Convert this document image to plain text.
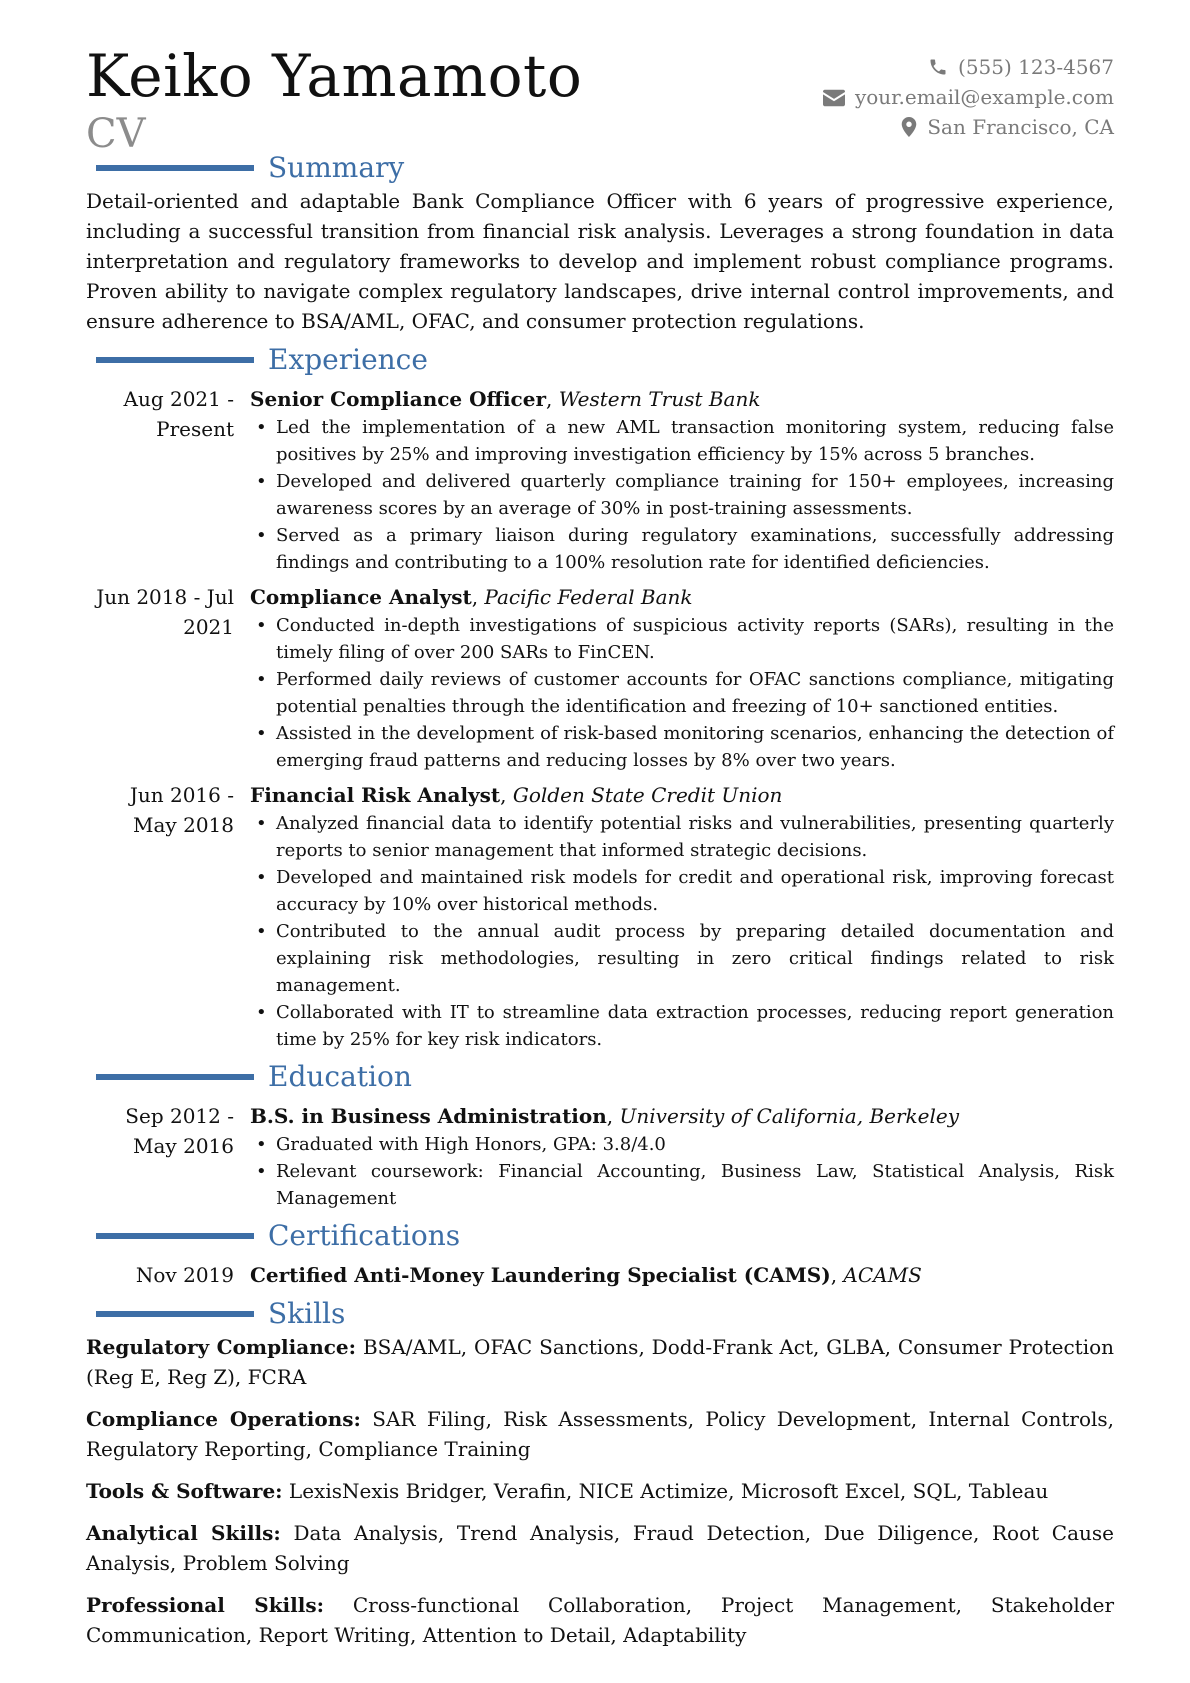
Keiko Yamamoto
CV
(555) 123-4567
your.email@example.com
San Francisco, CA
Summary
Detail-oriented and adaptable Bank Compliance Officer with 6 years of progressive experience, including a successful transition from financial risk analysis. Leverages a strong foundation in data interpretation and regulatory frameworks to develop and implement robust compliance programs. Proven ability to navigate complex regulatory landscapes, drive internal control improvements, and ensure adherence to BSA/AML, OFAC, and consumer protection regulations.
Experience
Aug 2021 - Present
Senior Compliance Officer, Western Trust Bank
• Led the implementation of a new AML transaction monitoring system, reducing false positives by 25% and improving investigation efficiency by 15% across 5 branches.
• Developed and delivered quarterly compliance training for 150+ employees, increasing awareness scores by an average of 30% in post-training assessments.
• Served as a primary liaison during regulatory examinations, successfully addressing findings and contributing to a 100% resolution rate for identified deficiencies.
Jun 2018 - Jul 2021
Compliance Analyst, Pacific Federal Bank
• Conducted in-depth investigations of suspicious activity reports (SARs), resulting in the timely filing of over 200 SARs to FinCEN.
• Performed daily reviews of customer accounts for OFAC sanctions compliance, mitigating potential penalties through the identification and freezing of 10+ sanctioned entities.
• Assisted in the development of risk-based monitoring scenarios, enhancing the detection of emerging fraud patterns and reducing losses by 8% over two years.
Jun 2016 - May 2018
Financial Risk Analyst, Golden State Credit Union
• Analyzed financial data to identify potential risks and vulnerabilities, presenting quarterly reports to senior management that informed strategic decisions.
• Developed and maintained risk models for credit and operational risk, improving forecast accuracy by 10% over historical methods.
• Contributed to the annual audit process by preparing detailed documentation and explaining risk methodologies, resulting in zero critical findings related to risk management.
• Collaborated with IT to streamline data extraction processes, reducing report generation time by 25% for key risk indicators.
Education
Sep 2012 - May 2016
B.S. in Business Administration, University of California, Berkeley
• Graduated with High Honors, GPA: 3.8/4.0
• Relevant coursework: Financial Accounting, Business Law, Statistical Analysis, Risk Management
Certifications
Nov 2019 Certified Anti-Money Laundering Specialist (CAMS), ACAMS
Skills
Regulatory Compliance: BSA/AML, OFAC Sanctions, Dodd-Frank Act, GLBA, Consumer Protection (Reg E, Reg Z), FCRA
Compliance Operations: SAR Filing, Risk Assessments, Policy Development, Internal Controls, Regulatory Reporting, Compliance Training
Tools & Software: LexisNexis Bridger, Verafin, NICE Actimize, Microsoft Excel, SQL, Tableau
Analytical Skills: Data Analysis, Trend Analysis, Fraud Detection, Due Diligence, Root Cause Analysis, Problem Solving
Professional Skills: Cross-functional Collaboration, Project Management, Stakeholder Communication, Report Writing, Attention to Detail, Adaptability
